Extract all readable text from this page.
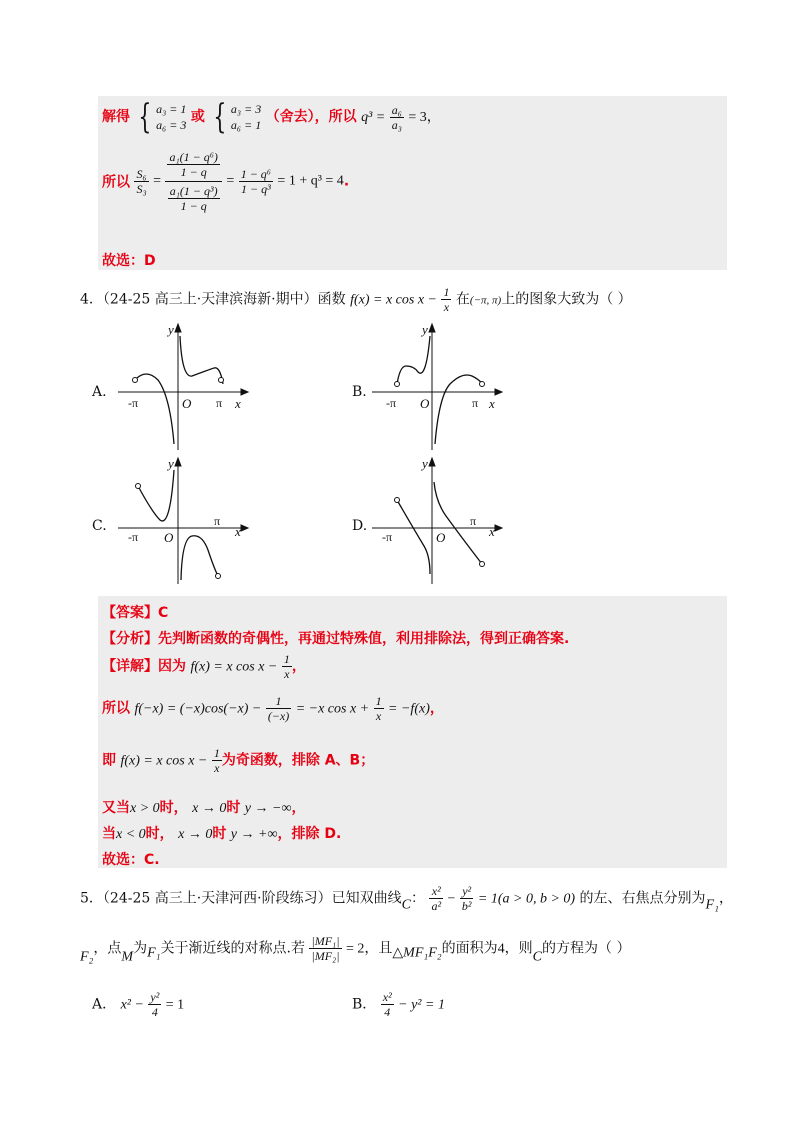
解得 { a₃ = 1
a₆ = 3 或 { a₃ = 3
a₆ = 1 （舍去），所以 $q^3 = \frac{\text{a₆}}{\text{a₃}} = 3$，
所以 $\frac{\text{S₆}}{\text{S₃}} = \frac{\frac{\text{a₁(1 − q⁶)}}{1 - q}}{\frac{\text{a₁(1 − q³)}}{1 - q}} = \frac{\text{1 − q⁶}}{\text{1 − q³}} = 1 + q^3 = 4$.
故选：D
4．（24-25 高三上·天津滨海新·期中）函数 f(x) = x $\cos x - \frac{1}{x}$ 在(−π, π)上的图象大致为（ ）
A.
y
x
O
-π	π
B.
y
x
O
-π	π
C.
y
x
O
-π
π	D.
y
x
O
-π
π
【答案】C
【分析】先判断函数的奇偶性，再通过特殊值，利用排除法，得到正确答案.
【详解】因为 f(x) = x $\cos x - \frac{1}{x}$ ，
所以 $f(-x) = (-x)\cos(-x) - \frac{1}{(-x)} = -x$ $\cos x + \frac{1}{x} = -f(x)$，
即 f(x) = x $\cos x - \frac{1}{x}$ 为奇函数，排除 A、B；
又当x > 0时， x → 0时 y → −∞，
当x < 0时， x → 0时 y → +∞，排除 D.
故选：C.
5．（24-25 高三上·天津河西·阶段练习）已知双曲线C： $\frac{\text{x²}}{\text{a²}} - \frac{\text{y²}}{\text{b²}} = 1(a > 0$, b > 0) 的左、右焦点分别为F₁，
F₂，点M为F₁关于渐近线的对称点.若 $\frac{\text{|MF₁|}}{\text{|MF₂|}} = 2$，且△MF₁F₂的面积为4，则C的方程为（ ）
A． $x^2 - \frac{\text{y²}}{4} = 1$	B． $\frac{\text{x²}}{4} - y^2 = 1$
